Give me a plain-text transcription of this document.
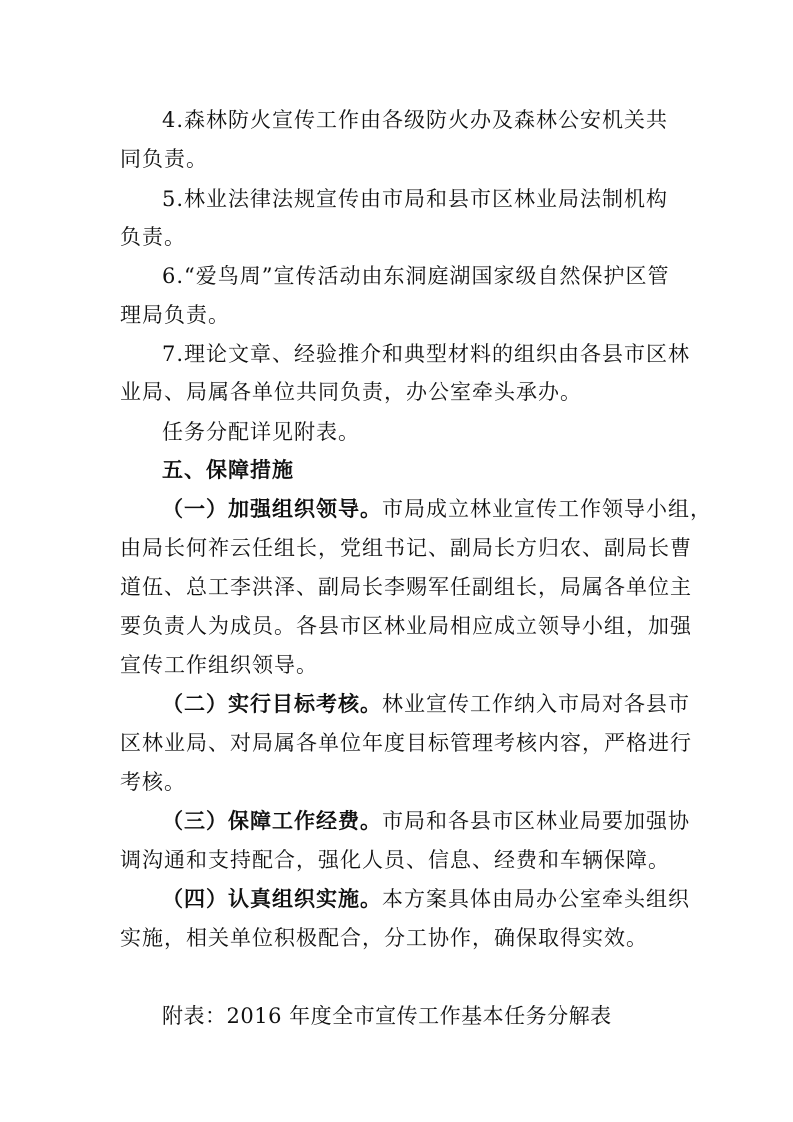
4.森林防火宣传工作由各级防火办及森林公安机关共
同负责。
5.林业法律法规宣传由市局和县市区林业局法制机构
负责。
6.“爱鸟周”宣传活动由东洞庭湖国家级自然保护区管
理局负责。
7.理论文章、经验推介和典型材料的组织由各县市区林
业局、局属各单位共同负责，办公室牵头承办。
任务分配详见附表。
五、保障措施
（一）加强组织领导。市局成立林业宣传工作领导小组，
由局长何祚云任组长，党组书记、副局长方归农、副局长曹
道伍、总工李洪泽、副局长李赐军任副组长，局属各单位主
要负责人为成员。各县市区林业局相应成立领导小组，加强
宣传工作组织领导。
（二）实行目标考核。林业宣传工作纳入市局对各县市
区林业局、对局属各单位年度目标管理考核内容，严格进行
考核。
（三）保障工作经费。市局和各县市区林业局要加强协
调沟通和支持配合，强化人员、信息、经费和车辆保障。
（四）认真组织实施。本方案具体由局办公室牵头组织
实施，相关单位积极配合，分工协作，确保取得实效。
附表：2016 年度全市宣传工作基本任务分解表
